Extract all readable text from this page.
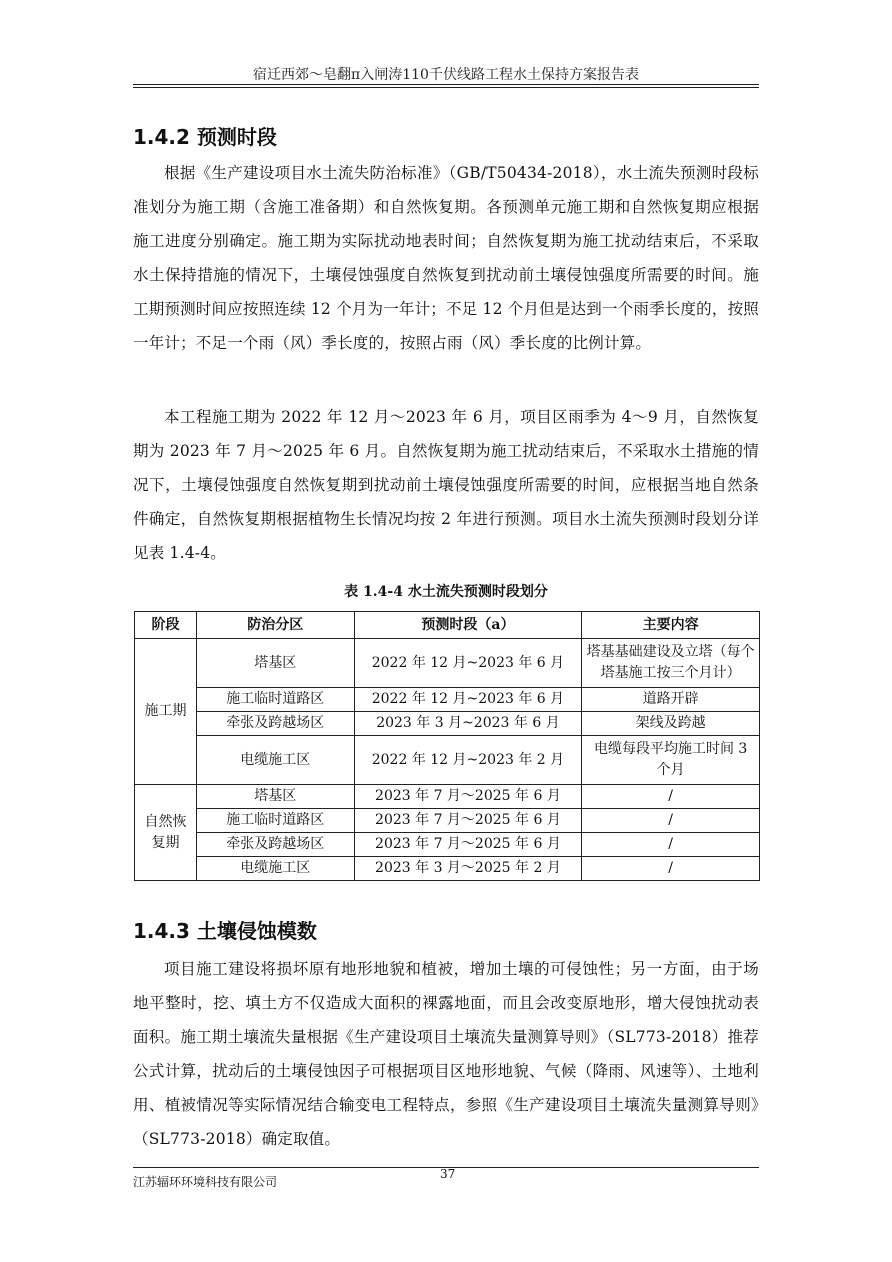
宿迁西郊～皂翻π入闸涛110千伏线路工程水土保持方案报告表
1.4.2 预测时段

根据《生产建设项目水土流失防治标准》（GB/T50434-2018），水土流失预测时段标准划分为施工期（含施工准备期）和自然恢复期。各预测单元施工期和自然恢复期应根据施工进度分别确定。施工期为实际扰动地表时间；自然恢复期为施工扰动结束后，不采取水土保持措施的情况下，土壤侵蚀强度自然恢复到扰动前土壤侵蚀强度所需要的时间。施工期预测时间应按照连续 12 个月为一年计；不足 12 个月但是达到一个雨季长度的，按照一年计；不足一个雨（风）季长度的，按照占雨（风）季长度的比例计算。

本工程施工期为 2022 年 12 月～2023 年 6 月，项目区雨季为 4～9 月，自然恢复期为 2023 年 7 月～2025 年 6 月。自然恢复期为施工扰动结束后，不采取水土措施的情况下，土壤侵蚀强度自然恢复期到扰动前土壤侵蚀强度所需要的时间，应根据当地自然条件确定，自然恢复期根据植物生长情况均按 2 年进行预测。项目水土流失预测时段划分详见表 1.4-4。

表 1.4-4 水土流失预测时段划分
阶段	防治分区	预测时段（a）	主要内容
施工期	塔基区	2022 年 12 月~2023 年 6 月	塔基基础建设及立塔（每个塔基施工按三个月计）
	施工临时道路区	2022 年 12 月~2023 年 6 月	道路开辟
	牵张及跨越场区	2023 年 3 月~2023 年 6 月	架线及跨越
	电缆施工区	2022 年 12 月~2023 年 2 月	电缆每段平均施工时间 3 个月
自然恢复期	塔基区	2023 年 7 月～2025 年 6 月	/
	施工临时道路区	2023 年 7 月～2025 年 6 月	/
	牵张及跨越场区	2023 年 7 月～2025 年 6 月	/
	电缆施工区	2023 年 3 月～2025 年 2 月	/
1.4.3 土壤侵蚀模数

项目施工建设将损坏原有地形地貌和植被，增加土壤的可侵蚀性；另一方面，由于场地平整时，挖、填土方不仅造成大面积的裸露地面，而且会改变原地形，增大侵蚀扰动表面积。施工期土壤流失量根据《生产建设项目土壤流失量测算导则》（SL773-2018）推荐公式计算，扰动后的土壤侵蚀因子可根据项目区地形地貌、气候（降雨、风速等）、土地利用、植被情况等实际情况结合输变电工程特点，参照《生产建设项目土壤流失量测算导则》（SL773-2018）确定取值。

江苏辐环环境科技有限公司
37
